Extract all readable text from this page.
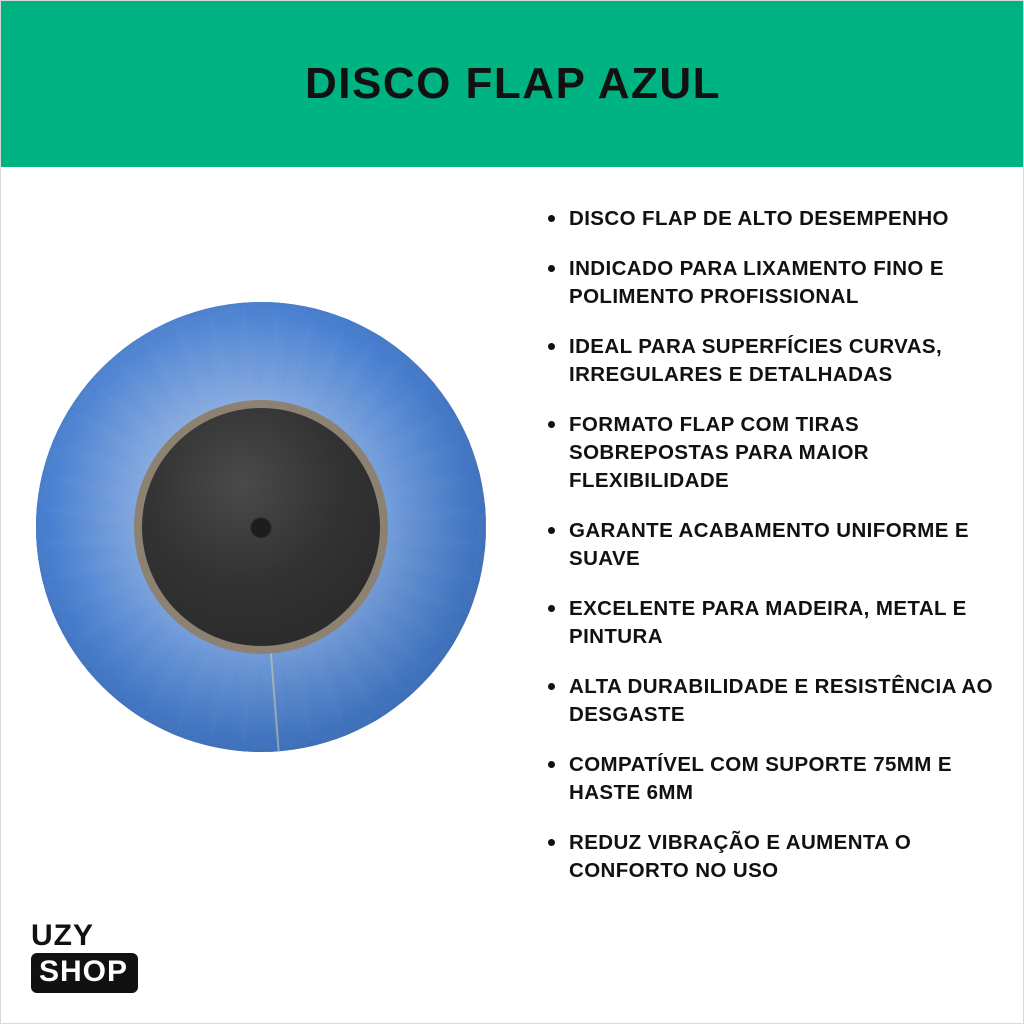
DISCO FLAP AZUL
UZY
SHOP
DISCO FLAP DE ALTO DESEMPENHO
INDICADO PARA LIXAMENTO FINO E POLIMENTO PROFISSIONAL
IDEAL PARA SUPERFÍCIES CURVAS, IRREGULARES E DETALHADAS
FORMATO FLAP COM TIRAS SOBREPOSTAS PARA MAIOR FLEXIBILIDADE
GARANTE ACABAMENTO UNIFORME E SUAVE
EXCELENTE PARA MADEIRA, METAL E PINTURA
ALTA DURABILIDADE E RESISTÊNCIA AO DESGASTE
COMPATÍVEL COM SUPORTE 75MM E HASTE 6MM
REDUZ VIBRAÇÃO E AUMENTA O CONFORTO NO USO
